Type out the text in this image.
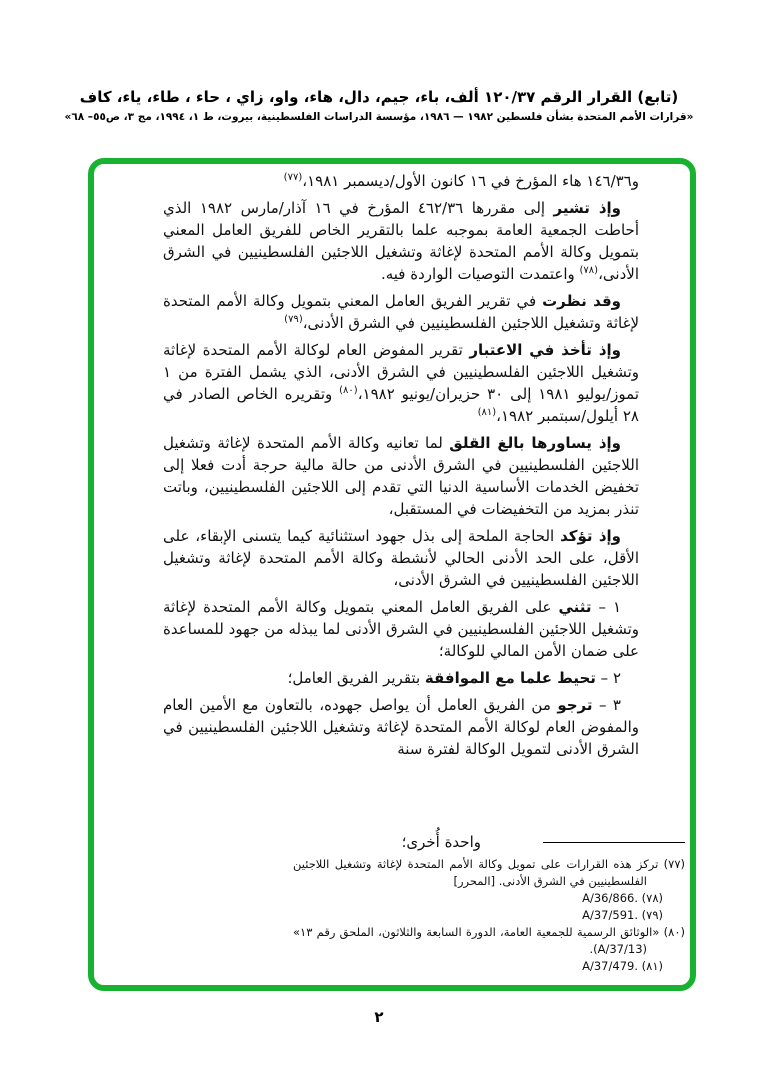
(تابع) القرار الرقم ١٢٠/٣٧ ألف، باء، جيم، دال، هاء، واو، زاي ، حاء ، طاء، ياء، كاف
«قرارات الأمم المتحدة بشأن فلسطين ١٩٨٢ — ١٩٨٦، مؤسسة الدراسات الفلسطينية، بيروت، ط ١، ١٩٩٤، مج ٣، ص٥٥– ٦٨»

و١٤٦/٣٦ هاء المؤرخ في ١٦ كانون الأول/ديسمبر ١٩٨١،$^{(٧٧)}$

وإذ تشير إلى مقررها ٤٦٢/٣٦ المؤرخ في ١٦ آذار/مارس ١٩٨٢ الذي أحاطت الجمعية العامة بموجبه علما بالتقرير الخاص للفريق العامل المعني بتمويل وكالة الأمم المتحدة لإغاثة وتشغيل اللاجئين الفلسطينيين في الشرق الأدنى،$^{(٧٨)}$ واعتمدت التوصيات الواردة فيه.

وقد نظرت في تقرير الفريق العامل المعني بتمويل وكالة الأمم المتحدة لإغاثة وتشغيل اللاجئين الفلسطينيين في الشرق الأدنى،$^{(٧٩)}$

وإذ تأخذ في الاعتبار تقرير المفوض العام لوكالة الأمم المتحدة لإغاثة وتشغيل اللاجئين الفلسطينيين في الشرق الأدنى، الذي يشمل الفترة من ١ تموز/يوليو ١٩٨١ إلى ٣٠ حزيران/يونيو ١٩٨٢،$^{(٨٠)}$ وتقريره الخاص الصادر في ٢٨ أيلول/سبتمبر ١٩٨٢،$^{(٨١)}$

وإذ يساورها بالغ القلق لما تعانيه وكالة الأمم المتحدة لإغاثة وتشغيل اللاجئين الفلسطينيين في الشرق الأدنى من حالة مالية حرجة أدت فعلا إلى تخفيض الخدمات الأساسية الدنيا التي تقدم إلى اللاجئين الفلسطينيين، وباتت تنذر بمزيد من التخفيضات في المستقبل،

وإذ تؤكد الحاجة الملحة إلى بذل جهود استثنائية كيما يتسنى الإبقاء، على الأقل، على الحد الأدنى الحالي لأنشطة وكالة الأمم المتحدة لإغاثة وتشغيل اللاجئين الفلسطينيين في الشرق الأدنى،

١ – تثني على الفريق العامل المعني بتمويل وكالة الأمم المتحدة لإغاثة وتشغيل اللاجئين الفلسطينيين في الشرق الأدنى لما يبذله من جهود للمساعدة على ضمان الأمن المالي للوكالة؛

٢ – تحيط علما مع الموافقة بتقرير الفريق العامل؛

٣ – ترجو من الفريق العامل أن يواصل جهوده، بالتعاون مع الأمين العام والمفوض العام لوكالة الأمم المتحدة لإغاثة وتشغيل اللاجئين الفلسطينيين في الشرق الأدنى لتمويل الوكالة لفترة سنة

واحدة أُخرى؛

(٧٧) تركز هذه القرارات على تمويل وكالة الأمم المتحدة لإغاثة وتشغيل اللاجئين الفلسطينيين في الشرق الأدنى. [المحرر]

(٧٨) A/36/866.

(٧٩) A/37/591.

(٨٠) «الوثائق الرسمية للجمعية العامة، الدورة السابعة والثلاثون، الملحق رقم ١٣» (A/37/13).

(٨١) A/37/479.

٢
